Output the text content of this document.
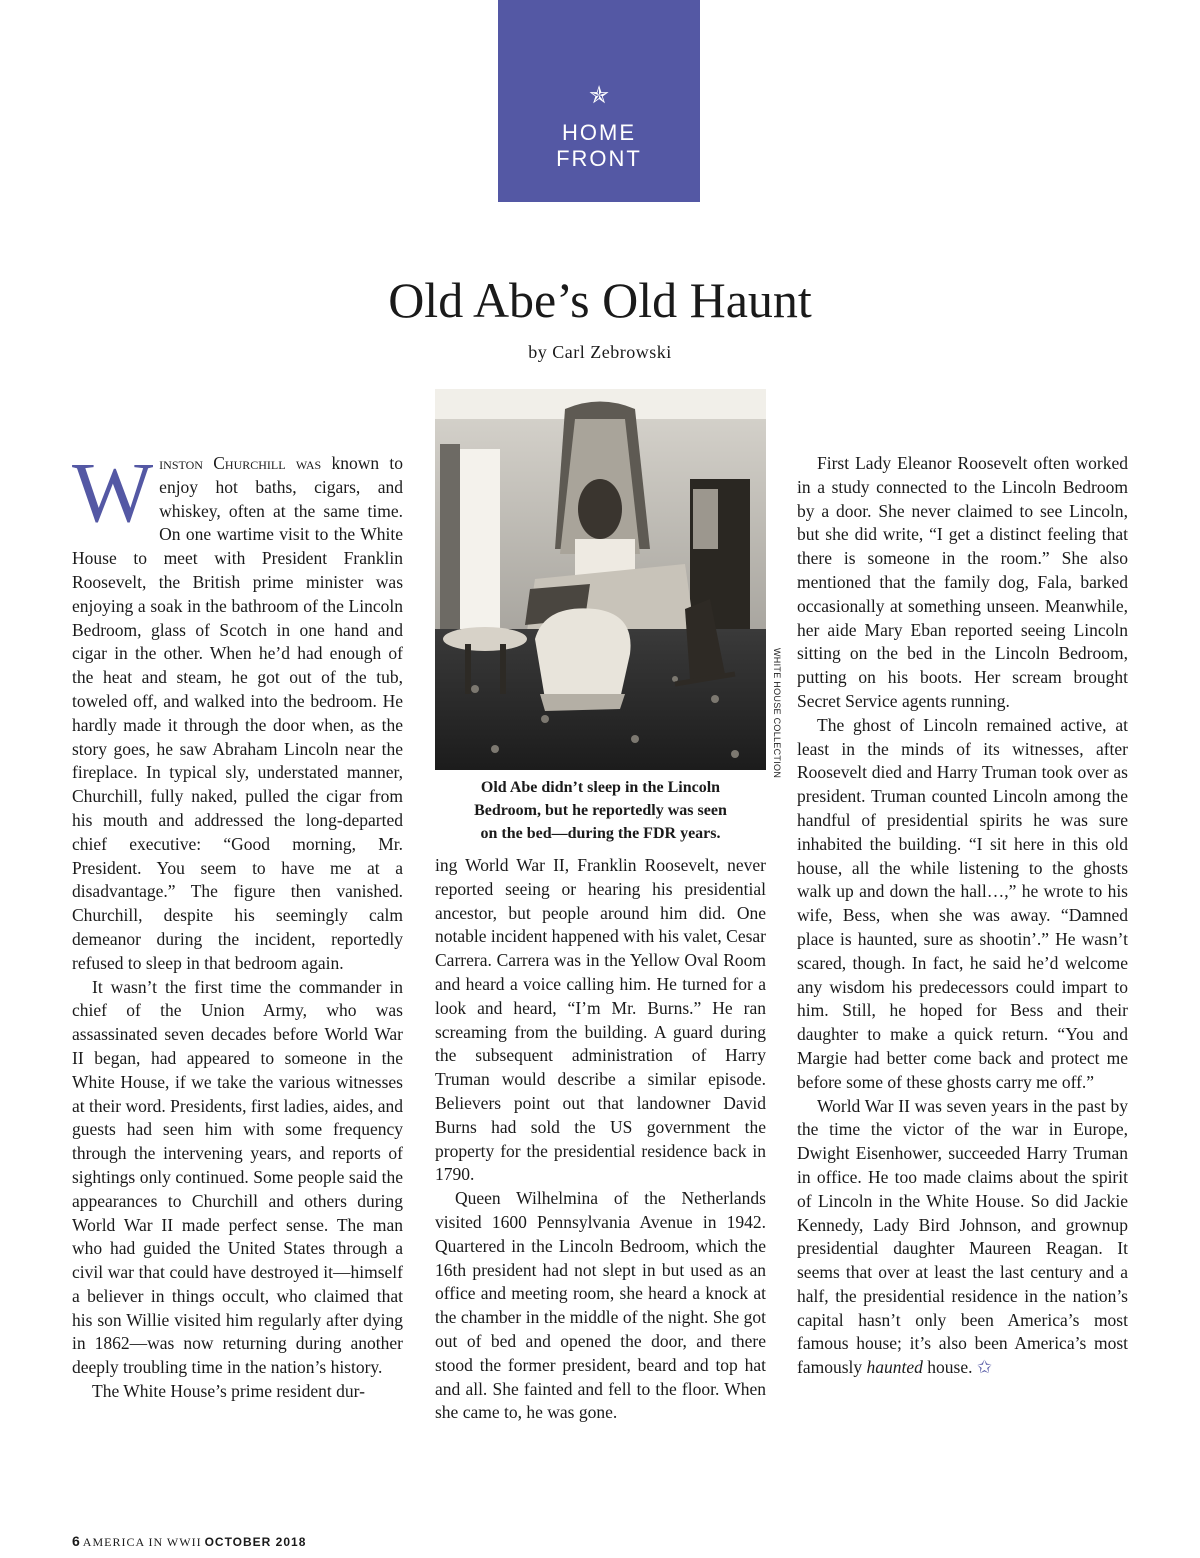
✯
HOME
FRONT
Old Abe’s Old Haunt
by Carl Zebrowski

Winston Churchill was known to enjoy hot baths, cigars, and whiskey, often at the same time. On one wartime visit to the White House to meet with President Franklin Roosevelt, the British prime minister was enjoying a soak in the bathroom of the Lincoln Bedroom, glass of Scotch in one hand and cigar in the other. When he’d had enough of the heat and steam, he got out of the tub, toweled off, and walked into the bedroom. He hardly made it through the door when, as the story goes, he saw Abraham Lincoln near the fireplace. In typical sly, understated manner, Churchill, fully naked, pulled the cigar from his mouth and addressed the long-departed chief executive: “Good morning, Mr. President. You seem to have me at a disadvantage.” The figure then vanished. Churchill, despite his seemingly calm demeanor during the incident, reportedly refused to sleep in that bedroom again.

It wasn’t the first time the commander in chief of the Union Army, who was assassinated seven decades before World War II began, had appeared to someone in the White House, if we take the various witnesses at their word. Presidents, first ladies, aides, and guests had seen him with some frequency through the intervening years, and reports of sightings only continued. Some people said the appearances to Churchill and others during World War II made perfect sense. The man who had guided the United States through a civil war that could have destroyed it—himself a believer in things occult, who claimed that his son Willie visited him regularly after dying in 1862—was now returning during another deeply troubling time in the nation’s history.

The White House’s prime resident dur-

WHITE HOUSE COLLECTION
Old Abe didn’t sleep in the Lincoln
Bedroom, but he reportedly was seen
on the bed—during the FDR years.

ing World War II, Franklin Roosevelt, never reported seeing or hearing his presidential ancestor, but people around him did. One notable incident happened with his valet, Cesar Carrera. Carrera was in the Yellow Oval Room and heard a voice calling him. He turned for a look and heard, “I’m Mr. Burns.” He ran screaming from the building. A guard during the subsequent administration of Harry Truman would describe a similar episode. Believers point out that landowner David Burns had sold the US government the property for the presidential residence back in 1790.

Queen Wilhelmina of the Netherlands visited 1600 Pennsylvania Avenue in 1942. Quartered in the Lincoln Bedroom, which the 16th president had not slept in but used as an office and meeting room, she heard a knock at the chamber in the middle of the night. She got out of bed and opened the door, and there stood the former president, beard and top hat and all. She fainted and fell to the floor. When she came to, he was gone.

First Lady Eleanor Roosevelt often worked in a study connected to the Lincoln Bedroom by a door. She never claimed to see Lincoln, but she did write, “I get a distinct feeling that there is someone in the room.” She also mentioned that the family dog, Fala, barked occasionally at something unseen. Meanwhile, her aide Mary Eban reported seeing Lincoln sitting on the bed in the Lincoln Bedroom, putting on his boots. Her scream brought Secret Service agents running.

The ghost of Lincoln remained active, at least in the minds of its witnesses, after Roosevelt died and Harry Truman took over as president. Truman counted Lincoln among the handful of presidential spirits he was sure inhabited the building. “I sit here in this old house, all the while listening to the ghosts walk up and down the hall…,” he wrote to his wife, Bess, when she was away. “Damned place is haunted, sure as shootin’.” He wasn’t scared, though. In fact, he said he’d welcome any wisdom his predecessors could impart to him. Still, he hoped for Bess and their daughter to make a quick return. “You and Margie had better come back and protect me before some of these ghosts carry me off.”

World War II was seven years in the past by the time the victor of the war in Europe, Dwight Eisenhower, succeeded Harry Truman in office. He too made claims about the spirit of Lincoln in the White House. So did Jackie Kennedy, Lady Bird Johnson, and grownup presidential daughter Maureen Reagan. It seems that over at least the last century and a half, the presidential residence in the nation’s capital hasn’t only been America’s most famous house; it’s also been America’s most famously haunted house. ✩

6 AMERICA IN WWII OCTOBER 2018
